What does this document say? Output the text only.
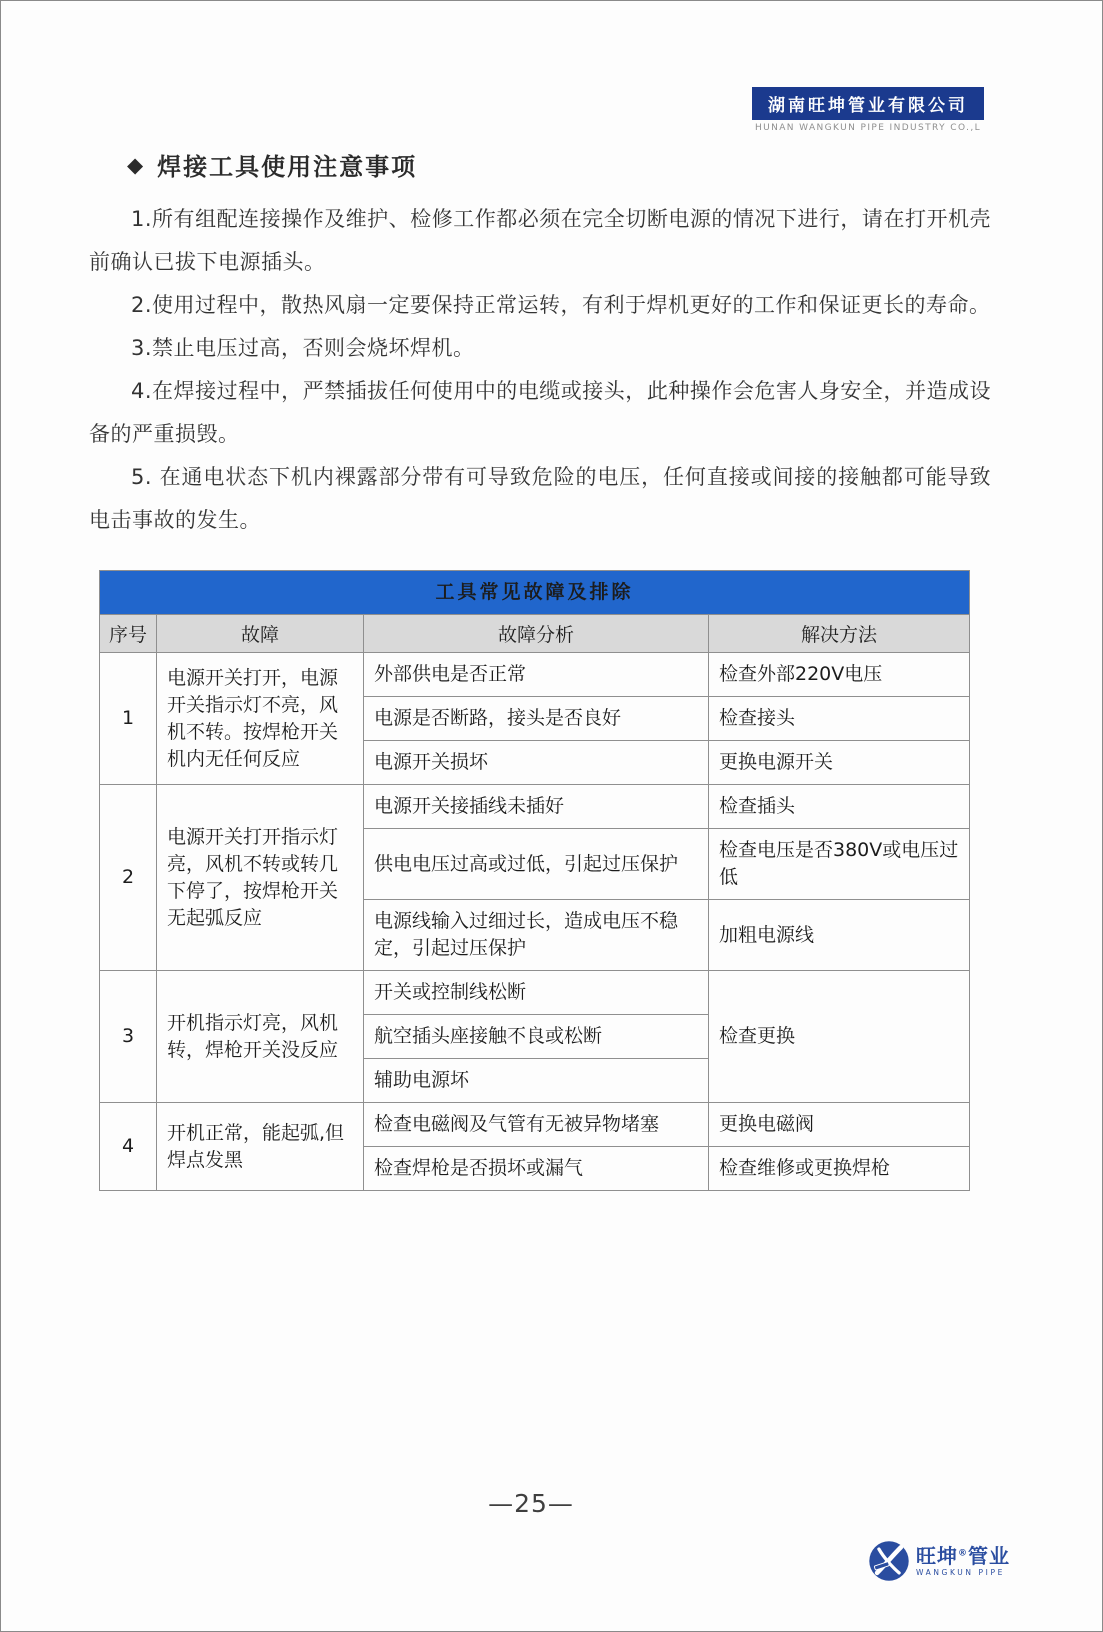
湖南旺坤管业有限公司
HUNAN WANGKUN PIPE INDUSTRY CO.,L
◆ 焊接工具使用注意事项

1.所有组配连接操作及维护、检修工作都必须在完全切断电源的情况下进行，请在打开机壳前确认已拔下电源插头。

2.使用过程中，散热风扇一定要保持正常运转，有利于焊机更好的工作和保证更长的寿命。

3.禁止电压过高，否则会烧坏焊机。

4.在焊接过程中，严禁插拔任何使用中的电缆或接头，此种操作会危害人身安全，并造成设备的严重损毁。

5. 在通电状态下机内裸露部分带有可导致危险的电压，任何直接或间接的接触都可能导致电击事故的发生。

工具常见故障及排除			
序号	故障	故障分析	解决方法
1	电源开关打开，电源开关指示灯不亮，风机不转。按焊枪开关机内无任何反应	外部供电是否正常	检查外部220V电压
		电源是否断路，接头是否良好	检查接头
		电源开关损坏	更换电源开关
2	电源开关打开指示灯亮，风机不转或转几下停了，按焊枪开关无起弧反应	电源开关接插线未插好	检查插头
		供电电压过高或过低，引起过压保护	检查电压是否380V或电压过低
		电源线输入过细过长，造成电压不稳定，引起过压保护	加粗电源线
3	开机指示灯亮，风机转，焊枪开关没反应	开关或控制线松断	检查更换
		航空插头座接触不良或松断	
		辅助电源坏	
4	开机正常，能起弧,但焊点发黑	检查电磁阀及气管有无被异物堵塞	更换电磁阀
		检查焊枪是否损坏或漏气	检查维修或更换焊枪
—25—
旺坤®管业
WANGKUN PIPE
